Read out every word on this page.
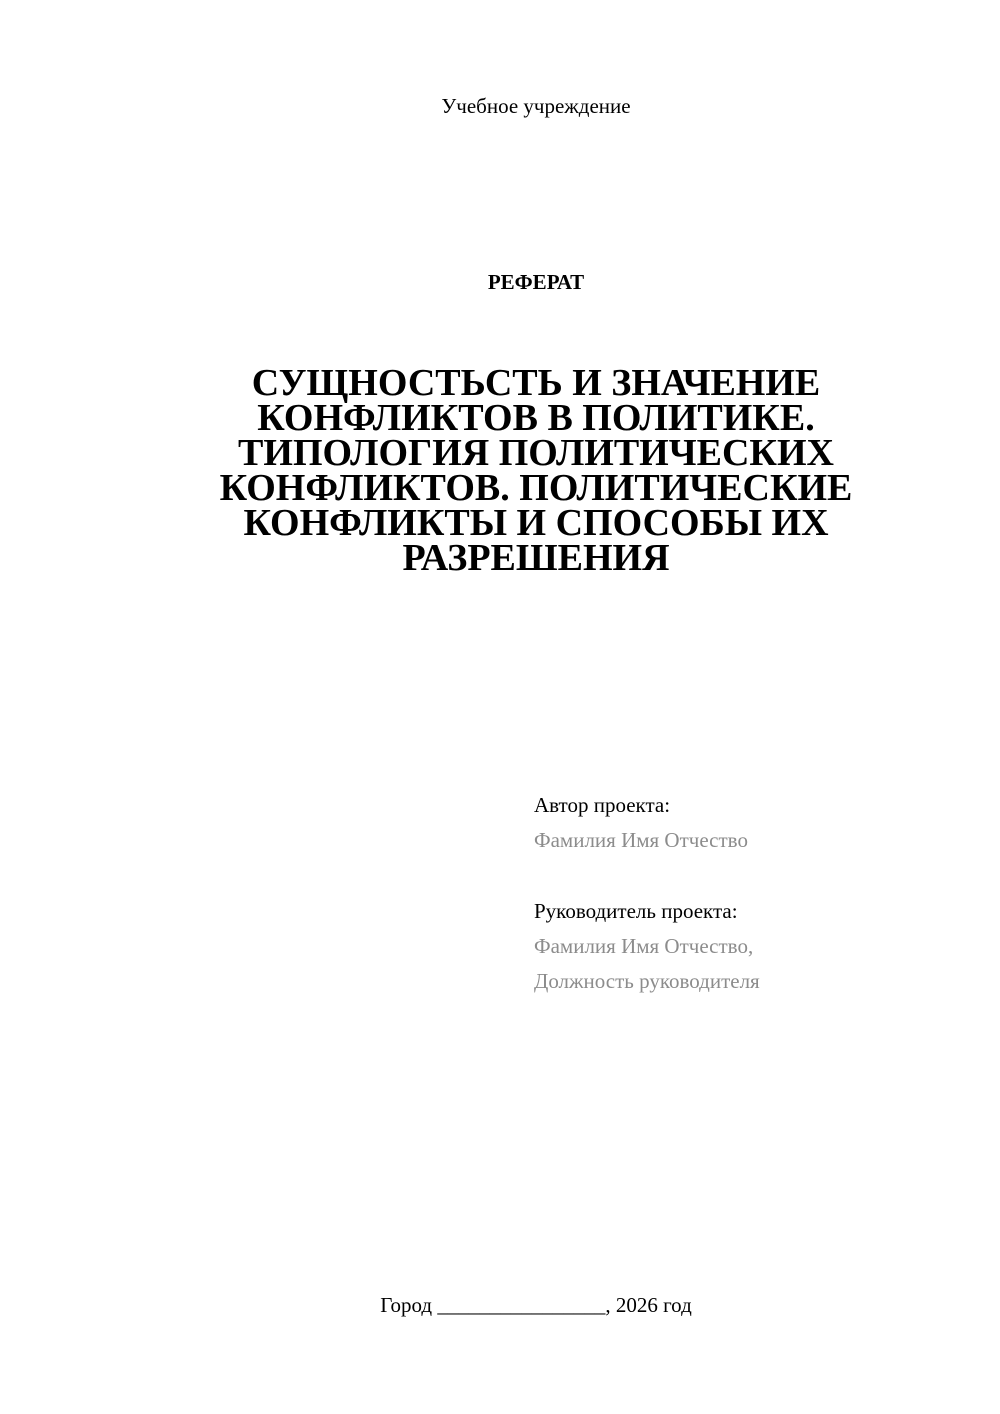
Учебное учреждение
РЕФЕРАТ
СУЩНОСТЬСТЬ И ЗНАЧЕНИЕ
КОНФЛИКТОВ В ПОЛИТИКЕ.
ТИПОЛОГИЯ ПОЛИТИЧЕСКИХ
КОНФЛИКТОВ. ПОЛИТИЧЕСКИЕ
КОНФЛИКТЫ И СПОСОБЫ ИХ
РАЗРЕШЕНИЯ
Автор проекта:
Фамилия Имя Отчество
Руководитель проекта:
Фамилия Имя Отчество,
Должность руководителя
Город ________________, 2026 год
